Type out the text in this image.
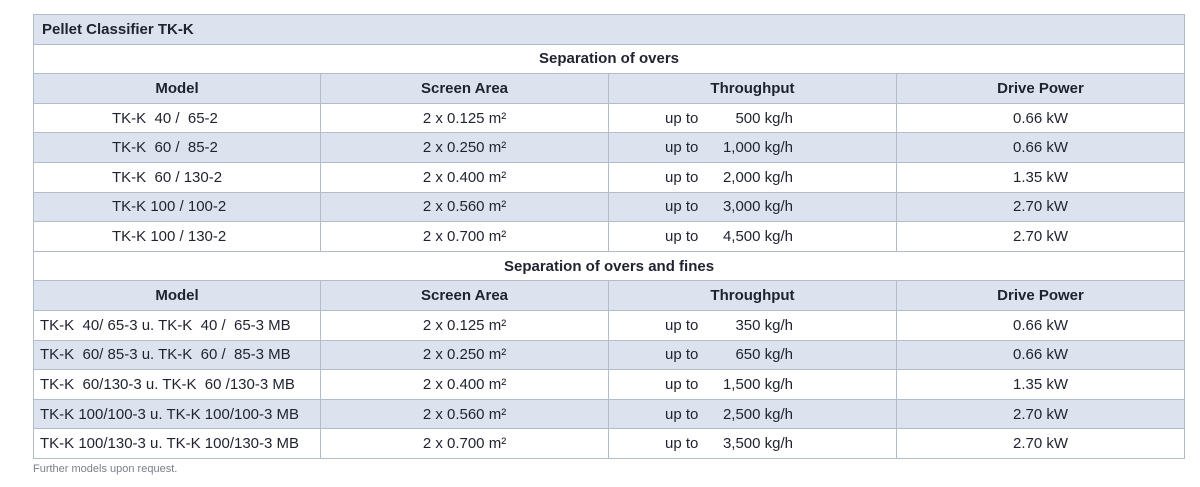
Pellet Classifier TK-K			
Separation of overs			
Model	Screen Area	Throughput	Drive Power
TK-K  40 /  65-2	2 x 0.125 m²	up to 500 kg/h	0.66 kW
TK-K  60 /  85-2	2 x 0.250 m²	up to 1,000 kg/h	0.66 kW
TK-K  60 / 130-2	2 x 0.400 m²	up to 2,000 kg/h	1.35 kW
TK-K 100 / 100-2	2 x 0.560 m²	up to 3,000 kg/h	2.70 kW
TK-K 100 / 130-2	2 x 0.700 m²	up to 4,500 kg/h	2.70 kW
Separation of overs and fines			
Model	Screen Area	Throughput	Drive Power
TK-K  40/ 65-3 u. TK-K  40 /  65-3 MB	2 x 0.125 m²	up to 350 kg/h	0.66 kW
TK-K  60/ 85-3 u. TK-K  60 /  85-3 MB	2 x 0.250 m²	up to 650 kg/h	0.66 kW
TK-K  60/130-3 u. TK-K  60 /130-3 MB	2 x 0.400 m²	up to 1,500 kg/h	1.35 kW
TK-K 100/100-3 u. TK-K 100/100-3 MB	2 x 0.560 m²	up to 2,500 kg/h	2.70 kW
TK-K 100/130-3 u. TK-K 100/130-3 MB	2 x 0.700 m²	up to 3,500 kg/h	2.70 kW
Further models upon request.
